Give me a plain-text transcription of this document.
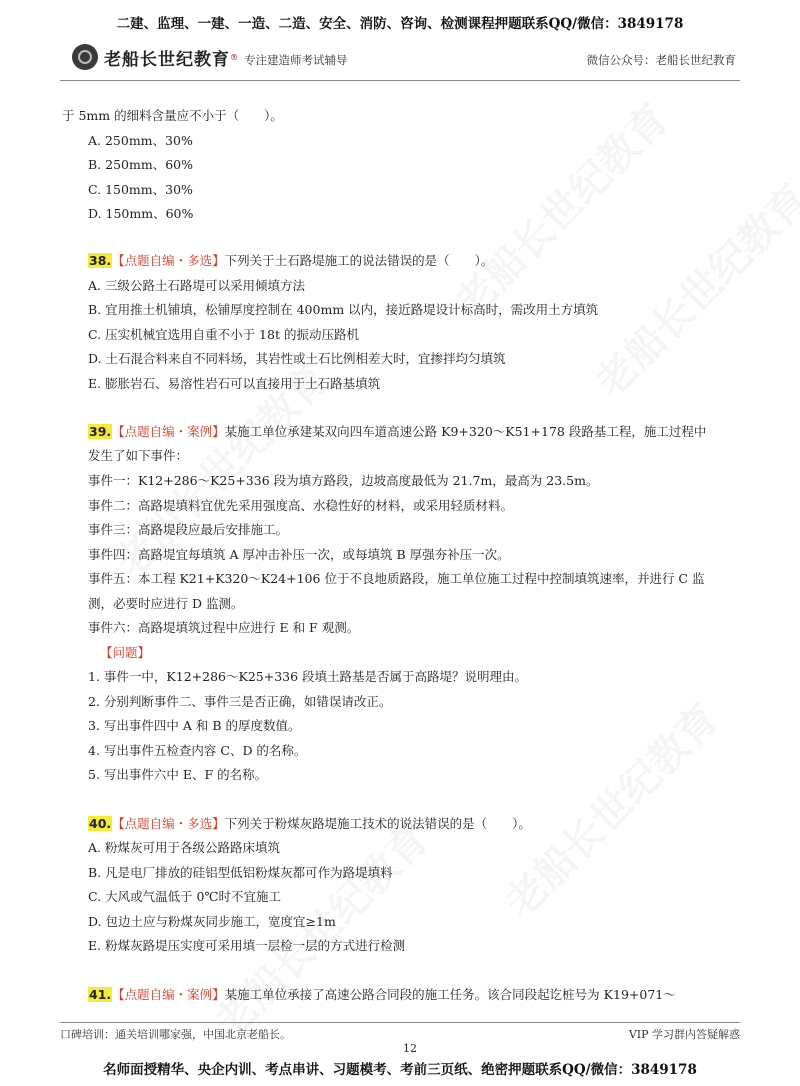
二建、监理、一建、一造、二造、安全、消防、咨询、检测课程押题联系QQ/微信：3849178
老船长世纪教育 ® 专注建造师考试辅导	微信公众号：老船长世纪教育
于 5mm 的细料含量应不小于（　　）。
A. 250mm、30%
B. 250mm、60%
C. 150mm、30%
D. 150mm、60%
38.【点题自编・多选】下列关于土石路堤施工的说法错误的是（　　）。
A. 三级公路土石路堤可以采用倾填方法
B. 宜用推土机铺填，松铺厚度控制在 400mm 以内，接近路堤设计标高时，需改用土方填筑
C. 压实机械宜选用自重不小于 18t 的振动压路机
D. 土石混合料来自不同料场，其岩性或土石比例相差大时，宜掺拌均匀填筑
E. 膨胀岩石、易溶性岩石可以直接用于土石路基填筑
39.【点题自编・案例】某施工单位承建某双向四车道高速公路 K9+320～K51+178 段路基工程，施工过程中
发生了如下事件：
事件一：K12+286～K25+336 段为填方路段，边坡高度最低为 21.7m，最高为 23.5m。
事件二：高路堤填料宜优先采用强度高、水稳性好的材料，或采用轻质材料。
事件三：高路堤段应最后安排施工。
事件四：高路堤宜每填筑 A 厚冲击补压一次，或每填筑 B 厚强夯补压一次。
事件五：本工程 K21+K320～K24+106 位于不良地质路段，施工单位施工过程中控制填筑速率，并进行 C 监
测，必要时应进行 D 监测。
事件六：高路堤填筑过程中应进行 E 和 F 观测。
【问题】
1. 事件一中，K12+286～K25+336 段填土路基是否属于高路堤？说明理由。
2. 分别判断事件二、事件三是否正确，如错误请改正。
3. 写出事件四中 A 和 B 的厚度数值。
4. 写出事件五检查内容 C、D 的名称。
5. 写出事件六中 E、F 的名称。
40.【点题自编・多选】下列关于粉煤灰路堤施工技术的说法错误的是（　　）。
A. 粉煤灰可用于各级公路路床填筑
B. 凡是电厂排放的硅铝型低铝粉煤灰都可作为路堤填料
C. 大风或气温低于 0℃时不宜施工
D. 包边土应与粉煤灰同步施工，宽度宜≥1m
E. 粉煤灰路堤压实度可采用填一层检一层的方式进行检测
41.【点题自编・案例】某施工单位承接了高速公路合同段的施工任务。该合同段起讫桩号为 K19+071～
口碑培训：通关培训哪家强，中国北京老船长。	VIP 学习群内答疑解惑
12
名师面授精华、央企内训、考点串讲、习题模考、考前三页纸、绝密押题联系QQ/微信：3849178
